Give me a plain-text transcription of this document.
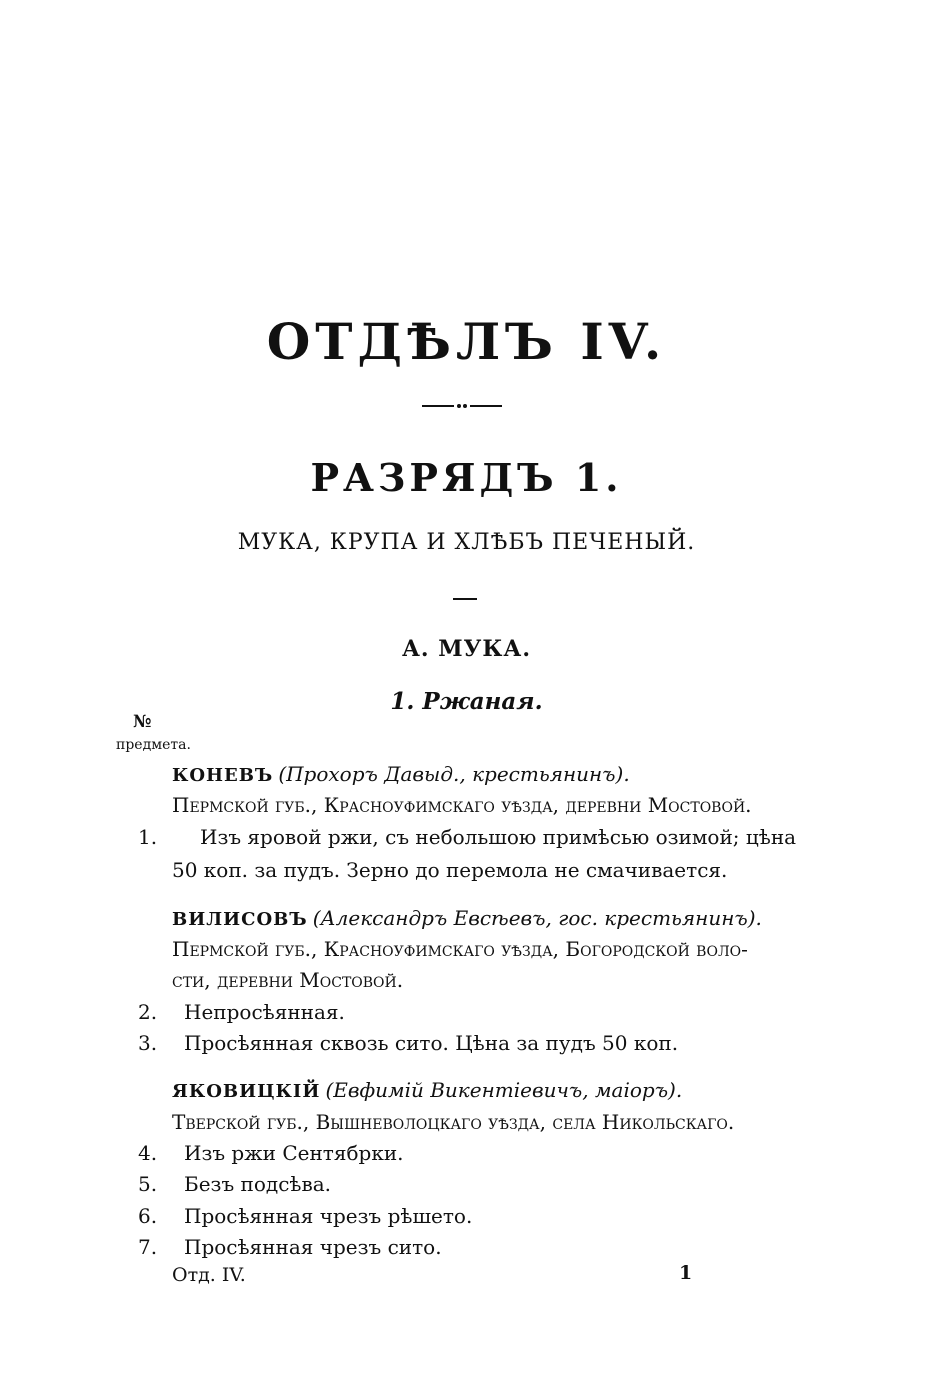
ОТДѢЛЪ IV.
РАЗРЯДЪ 1.
МУКА, КРУПА И ХЛѢБЪ ПЕЧЕНЫЙ.
А. МУКА.
1. Ржаная.
№
предмета.
КОНЕВЪ (Прохоръ Давыд., крестьянинъ).
Пермской губ., Красноуфимскаго уѣзда, деревни Мостовой.
1. Изъ яровой ржи, съ небольшою примѣсью озимой; цѣна
50 коп. за пудъ. Зерно до перемола не смачивается.
ВИЛИСОВЪ (Александръ Евсѣевъ, гос. крестьянинъ).
Пермской губ., Красноуфимскаго уѣзда, Богородской воло-
сти, деревни Мостовой.
2. Непросѣянная.
3. Просѣянная сквозь сито. Цѣна за пудъ 50 коп.
ЯКОВИЦКІЙ (Евфимій Викентіевичъ, маіоръ).
Тверской губ., Вышневолоцкаго уѣзда, села Никольскаго.
4. Изъ ржи Сентябрки.
5. Безъ подсѣва.
6. Просѣянная чрезъ рѣшето.
7. Просѣянная чрезъ сито.
Отд. IV.	1
